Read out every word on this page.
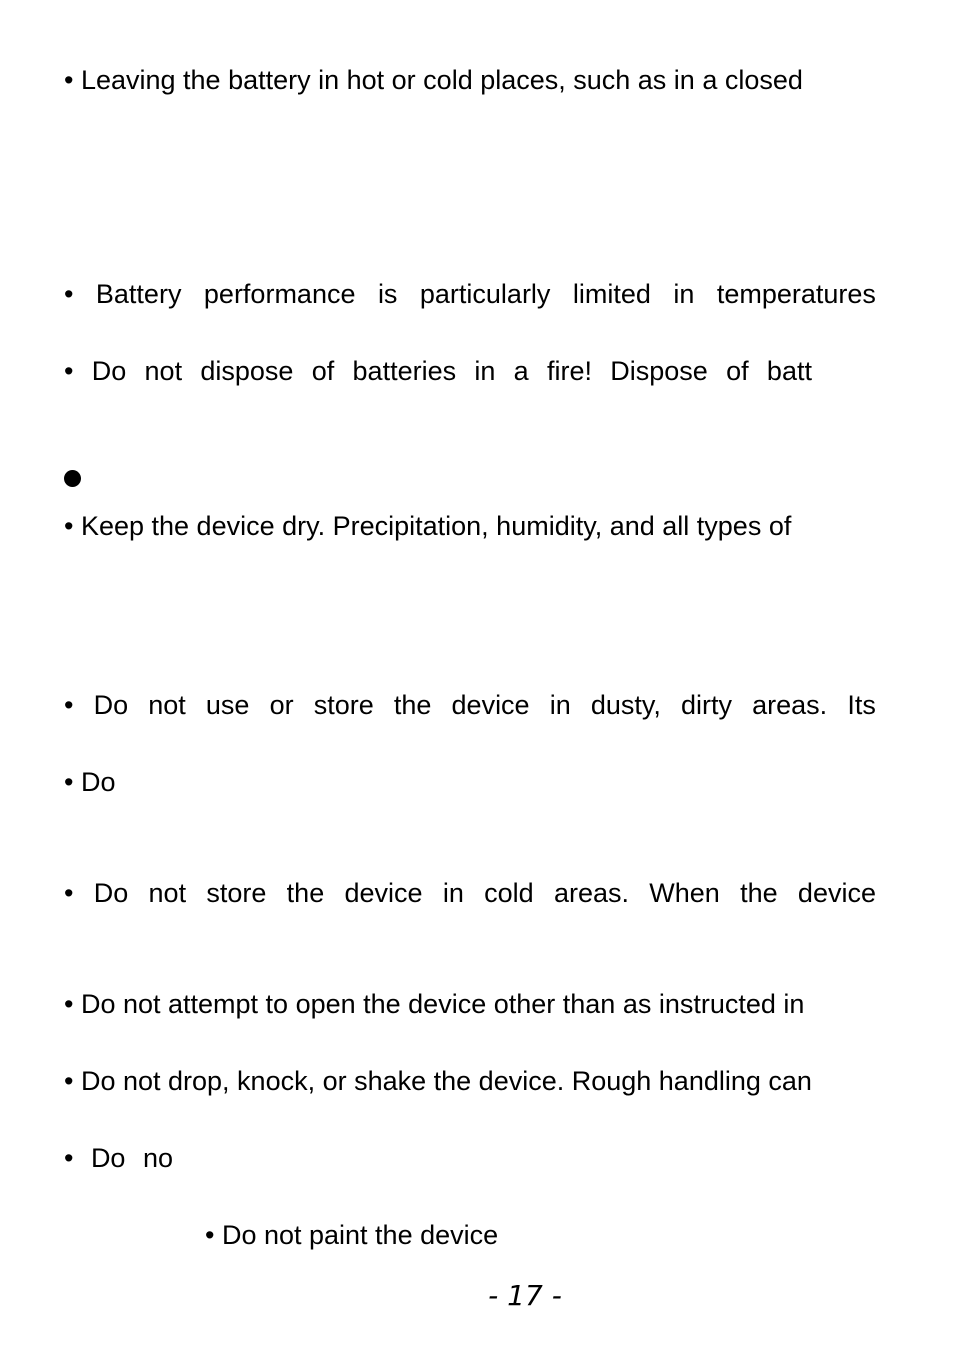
• Leaving the battery in hot or cold places, such as in a closed
• Battery performance is particularly limited in temperatures
• Do not dispose of batteries in a fire! Dispose of batt
• Keep the device dry. Precipitation, humidity, and all types of
• Do not use or store the device in dusty, dirty areas. Its
• Do
• Do not store the device in cold areas. When the device
• Do not attempt to open the device other than as instructed in
• Do not drop, knock, or shake the device. Rough handling can
• Do no
• Do not paint the device
- 17 -
